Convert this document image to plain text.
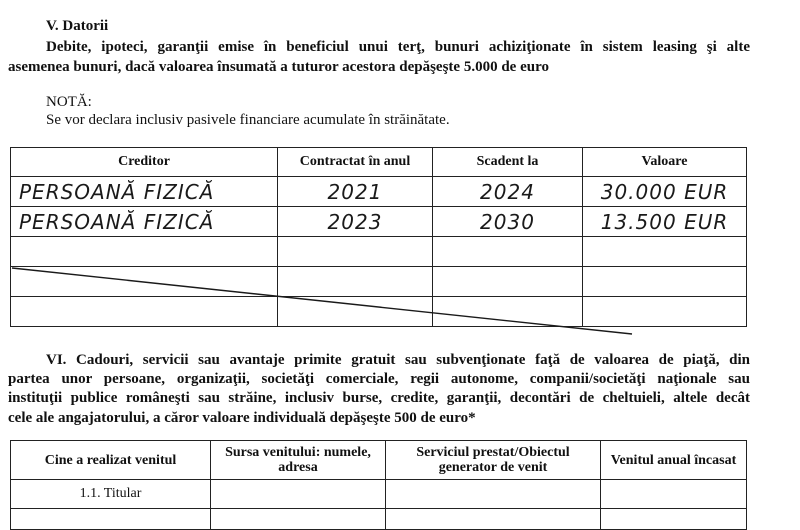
V. Datorii
Debite, ipoteci, garanţii emise în beneficiul unui terţ, bunuri achiziţionate în sistem leasing şi alte
asemenea bunuri, dacă valoarea însumată a tuturor acestora depăşeşte 5.000 de euro
NOTĂ:
Se vor declara inclusiv pasivele financiare acumulate în străinătate.
Creditor	Contractat în anul	Scadent la	Valoare
PERSOANĂ FIZICĂ	2021	2024	30.000 EUR
PERSOANĂ FIZICĂ	2023	2030	13.500 EUR

VI. Cadouri, servicii sau avantaje primite gratuit sau subvenţionate faţă de valoarea de piaţă, din
partea unor persoane, organizaţii, societăţi comerciale, regii autonome, companii/societăţi naţionale sau
instituţii publice româneşti sau străine, inclusiv burse, credite, garanţii, decontări de cheltuieli, altele decât
cele ale angajatorului, a căror valoare individuală depăşeşte 500 de euro*
Cine a realizat venitul	Sursa venitului: numele, adresa	Serviciul prestat/Obiectul generator de venit	Venitul anual încasat
1.1. Titular			
